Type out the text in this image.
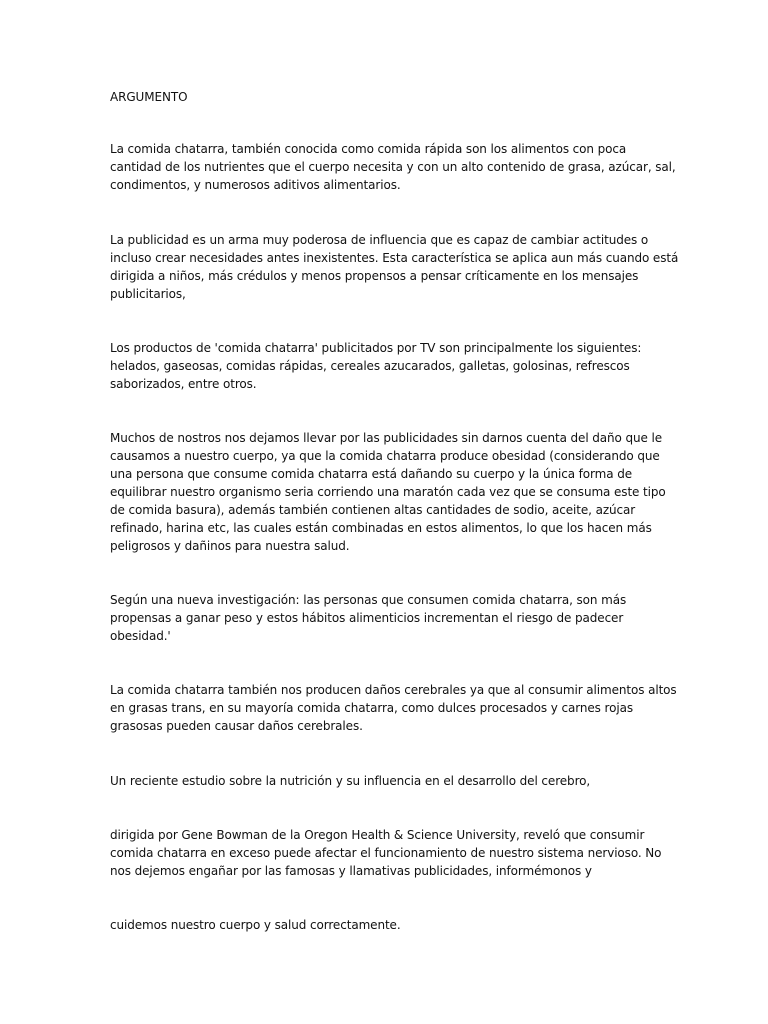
ARGUMENTO

La comida chatarra, también conocida como comida rápida son los alimentos con poca
cantidad de los nutrientes que el cuerpo necesita y con un alto contenido de grasa, azúcar, sal,
condimentos, y numerosos aditivos alimentarios.

La publicidad es un arma muy poderosa de influencia que es capaz de cambiar actitudes o
incluso crear necesidades antes inexistentes. Esta característica se aplica aun más cuando está
dirigida a niños, más crédulos y menos propensos a pensar críticamente en los mensajes
publicitarios,

Los productos de 'comida chatarra' publicitados por TV son principalmente los siguientes:
helados, gaseosas, comidas rápidas, cereales azucarados, galletas, golosinas, refrescos
saborizados, entre otros.

Muchos de nostros nos dejamos llevar por las publicidades sin darnos cuenta del daño que le
causamos a nuestro cuerpo, ya que la comida chatarra produce obesidad (considerando que
una persona que consume comida chatarra está dañando su cuerpo y la única forma de
equilibrar nuestro organismo seria corriendo una maratón cada vez que se consuma este tipo
de comida basura), además también contienen altas cantidades de sodio, aceite, azúcar
refinado, harina etc, las cuales están combinadas en estos alimentos, lo que los hacen más
peligrosos y dañinos para nuestra salud.

Según una nueva investigación: las personas que consumen comida chatarra, son más
propensas a ganar peso y estos hábitos alimenticios incrementan el riesgo de padecer
obesidad.'

La comida chatarra también nos producen daños cerebrales ya que al consumir alimentos altos
en grasas trans, en su mayoría comida chatarra, como dulces procesados y carnes rojas
grasosas pueden causar daños cerebrales.

Un reciente estudio sobre la nutrición y su influencia en el desarrollo del cerebro,

dirigida por Gene Bowman de la Oregon Health & Science University, reveló que consumir
comida chatarra en exceso puede afectar el funcionamiento de nuestro sistema nervioso. No
nos dejemos engañar por las famosas y llamativas publicidades, informémonos y

cuidemos nuestro cuerpo y salud correctamente.
